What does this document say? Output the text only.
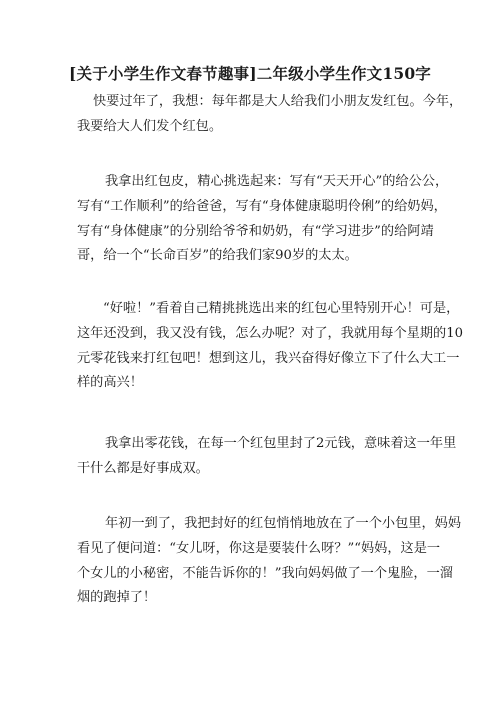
[关于小学生作文春节趣事]二年级小学生作文150字

快要过年了，我想：每年都是大人给我们小朋友发红包。今年，
我要给大人们发个红包。

我拿出红包皮，精心挑选起来：写有“天天开心”的给公公，
写有“工作顺利”的给爸爸，写有“身体健康聪明伶俐”的给奶妈，
写有“身体健康”的分别给爷爷和奶奶，有“学习进步”的给阿靖
哥，给一个“长命百岁”的给我们家90岁的太太。

“好啦！”看着自己精挑挑选出来的红包心里特别开心！可是，
这年还没到，我又没有钱，怎么办呢？对了，我就用每个星期的10
元零花钱来打红包吧！想到这儿，我兴奋得好像立下了什么大工一
样的高兴！

我拿出零花钱，在每一个红包里封了2元钱，意味着这一年里
干什么都是好事成双。

年初一到了，我把封好的红包悄悄地放在了一个小包里，妈妈
看见了便问道：“女儿呀，你这是要装什么呀？”“妈妈，这是一
个女儿的小秘密，不能告诉你的！”我向妈妈做了一个鬼脸，一溜
烟的跑掉了！
